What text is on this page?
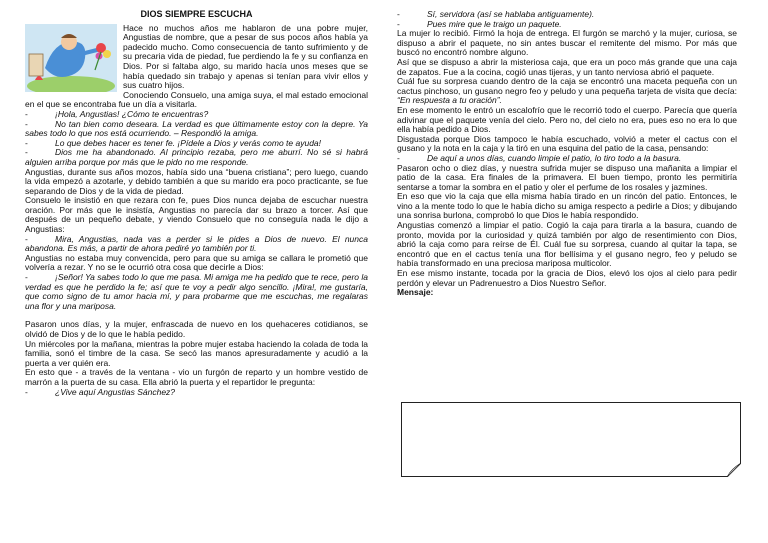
DIOS SIEMPRE ESCUCHA

Hace no muchos años me hablaron de una pobre mujer, Angustias de nombre, que a pesar de sus pocos años había ya padecido mucho. Como consecuencia de tanto sufrimiento y de su precaria vida de piedad, fue perdiendo la fe y su confianza en Dios. Por si faltaba algo, su marido hacía unos meses que se había quedado sin trabajo y apenas si tenían para vivir ellos y sus cuatro hijos.

Conociendo Consuelo, una amiga suya, el mal estado emocional en el que se encontraba fue un día a visitarla.

-	¡Hola, Angustias! ¿Cómo te encuentras?

-	No tan bien como deseara. La verdad es que últimamente estoy con la depre. Ya sabes todo lo que nos está ocurriendo. – Respondió la amiga.

-	Lo que debes hacer es tener fe. ¡Pídele a Dios y verás como te ayuda!

-	Dios me ha abandonado. Al principio rezaba, pero me aburrí. No sé si habrá alguien arriba porque por más que le pido no me responde.

Angustias, durante sus años mozos, había sido una “buena cristiana”; pero luego, cuando la vida empezó a azotarle, y debido también a que su marido era poco practicante, se fue separando de Dios y de la vida de piedad.

Consuelo le insistió en que rezara con fe, pues Dios nunca dejaba de escuchar nuestra oración. Por más que le insistía, Angustias no parecía dar su brazo a torcer. Así que después de un pequeño debate, y viendo Consuelo que no conseguía nada le dijo a Angustias:

-	Mira, Angustias, nada vas a perder si le pides a Dios de nuevo. El nunca abandona. Es más, a partir de ahora pediré yo también por ti.

Angustias no estaba muy convencida, pero para que su amiga se callara le prometió que volvería a rezar. Y no se le ocurrió otra cosa que decirle a Dios:

-	¡Señor! Ya sabes todo lo que me pasa. Mi amiga me ha pedido que te rece, pero la verdad es que he perdido la fe; así que te voy a pedir algo sencillo. ¡Mira!, me gustaría, que como signo de tu amor hacia mí, y para probarme que me escuchas, me regalaras una flor y una mariposa.

Pasaron unos días, y la mujer, enfrascada de nuevo en los quehaceres cotidianos, se olvidó de Dios y de lo que le había pedido.

Un miércoles por la mañana, mientras la pobre mujer estaba haciendo la colada de toda la familia, sonó el timbre de la casa. Se secó las manos apresuradamente y acudió a la puerta a ver quién era.

En esto que - a través de la ventana - vio un furgón de reparto y un hombre vestido de marrón a la puerta de su casa. Ella abrió la puerta y el repartidor le pregunta:

-	¿Vive aquí Angustias Sánchez?

-	Sí, servidora (así se hablaba antiguamente).

-	Pues mire que le traigo un paquete.

La mujer lo recibió. Firmó la hoja de entrega. El furgón se marchó y la mujer, curiosa, se dispuso a abrir el paquete, no sin antes buscar el remitente del mismo. Por más que buscó no encontró nombre alguno.

Así que se dispuso a abrir la misteriosa caja, que era un poco más grande que una caja de zapatos. Fue a la cocina, cogió unas tijeras, y un tanto nerviosa abrió el paquete.

Cuál fue su sorpresa cuando dentro de la caja se encontró una maceta pequeña con un cactus pinchoso, un gusano negro feo y peludo y una pequeña tarjeta de visita que decía: “En respuesta a tu oración”.

En ese momento le entró un escalofrío que le recorrió todo el cuerpo. Parecía que quería adivinar que el paquete venía del cielo. Pero no, del cielo no era, pues eso no era lo que ella había pedido a Dios.

Disgustada porque Dios tampoco le había escuchado, volvió a meter el cactus con el gusano y la nota en la caja y la tiró en una esquina del patio de la casa, pensando:

-	De aquí a unos días, cuando limpie el patio, lo tiro todo a la basura.

Pasaron ocho o diez días, y nuestra sufrida mujer se dispuso una mañanita a limpiar el patio de la casa. Era finales de la primavera. El buen tiempo, pronto les permitiría sentarse a tomar la sombra en el patio y oler el perfume de los rosales y jazmines.

En eso que vio la caja que ella misma había tirado en un rincón del patio. Entonces, le vino a la mente todo lo que le había dicho su amiga respecto a pedirle a Dios; y dibujando una sonrisa burlona, comprobó lo que Dios le había respondido.

Angustias comenzó a limpiar el patio. Cogió la caja para tirarla a la basura, cuando de pronto, movida por la curiosidad y quizá también por algo de resentimiento con Dios, abrió la caja como para reírse de Él. Cuál fue su sorpresa, cuando al quitar la tapa, se encontró que en el cactus tenía una flor bellísima y el gusano negro, feo y peludo se había transformado en una preciosa mariposa multicolor.

En ese mismo instante, tocada por la gracia de Dios, elevó los ojos al cielo para pedir perdón y elevar un Padrenuestro a Dios Nuestro Señor.

Mensaje:
